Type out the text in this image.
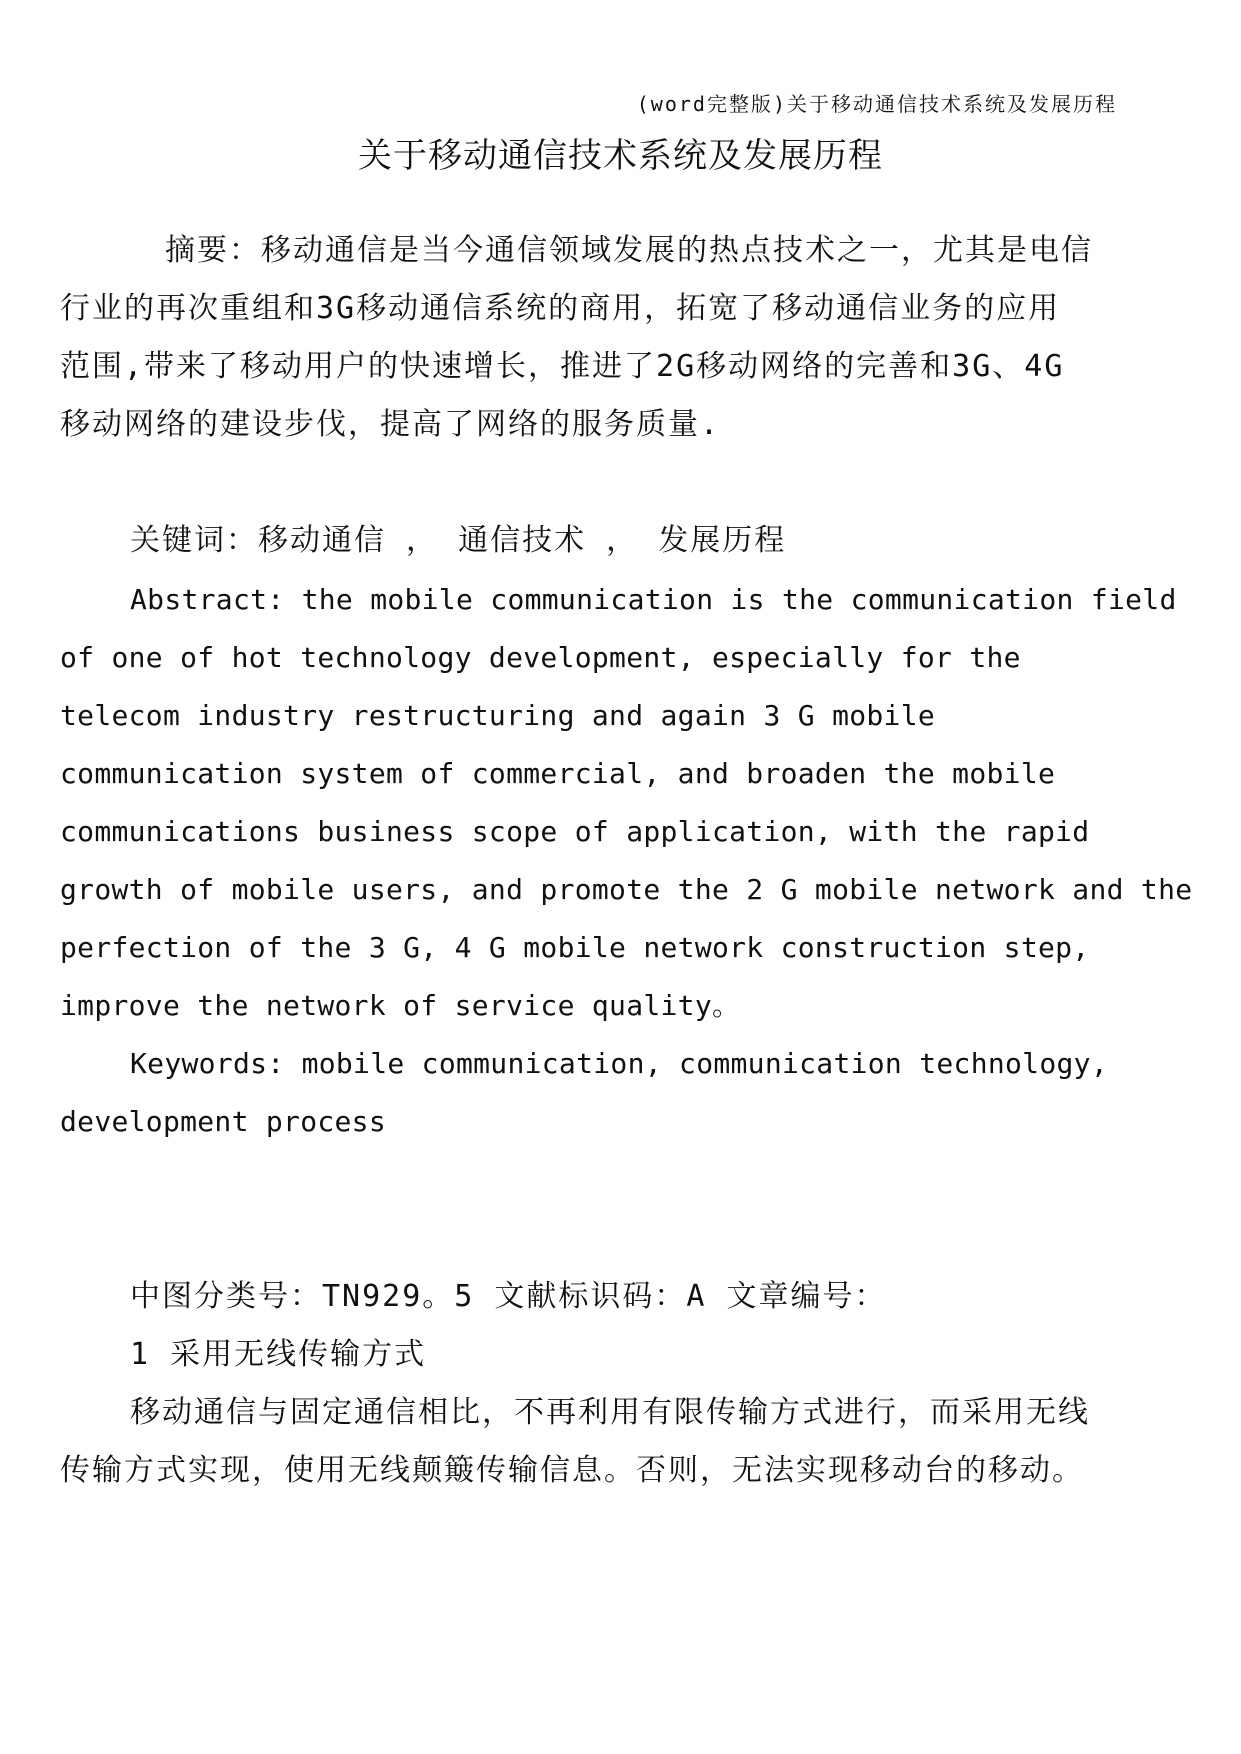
(word完整版)关于移动通信技术系统及发展历程
关于移动通信技术系统及发展历程
摘要：移动通信是当今通信领域发展的热点技术之一，尤其是电信
行业的再次重组和3G移动通信系统的商用，拓宽了移动通信业务的应用
范围,带来了移动用户的快速增长，推进了2G移动网络的完善和3G、4G
移动网络的建设步伐，提高了网络的服务质量.
关键词：移动通信 ， 通信技术 ， 发展历程
Abstract: the mobile communication is the communication field
of one of hot technology development, especially for the
telecom industry restructuring and again 3 G mobile
communication system of commercial, and broaden the mobile
communications business scope of application, with the rapid
growth of mobile users, and promote the 2 G mobile network and the
perfection of the 3 G, 4 G mobile network construction step,
improve the network of service quality。
Keywords: mobile communication, communication technology,
development process
中图分类号：TN929。5 文献标识码：A 文章编号：
1 采用无线传输方式
移动通信与固定通信相比，不再利用有限传输方式进行，而采用无线
传输方式实现，使用无线颠簸传输信息。否则，无法实现移动台的移动。
